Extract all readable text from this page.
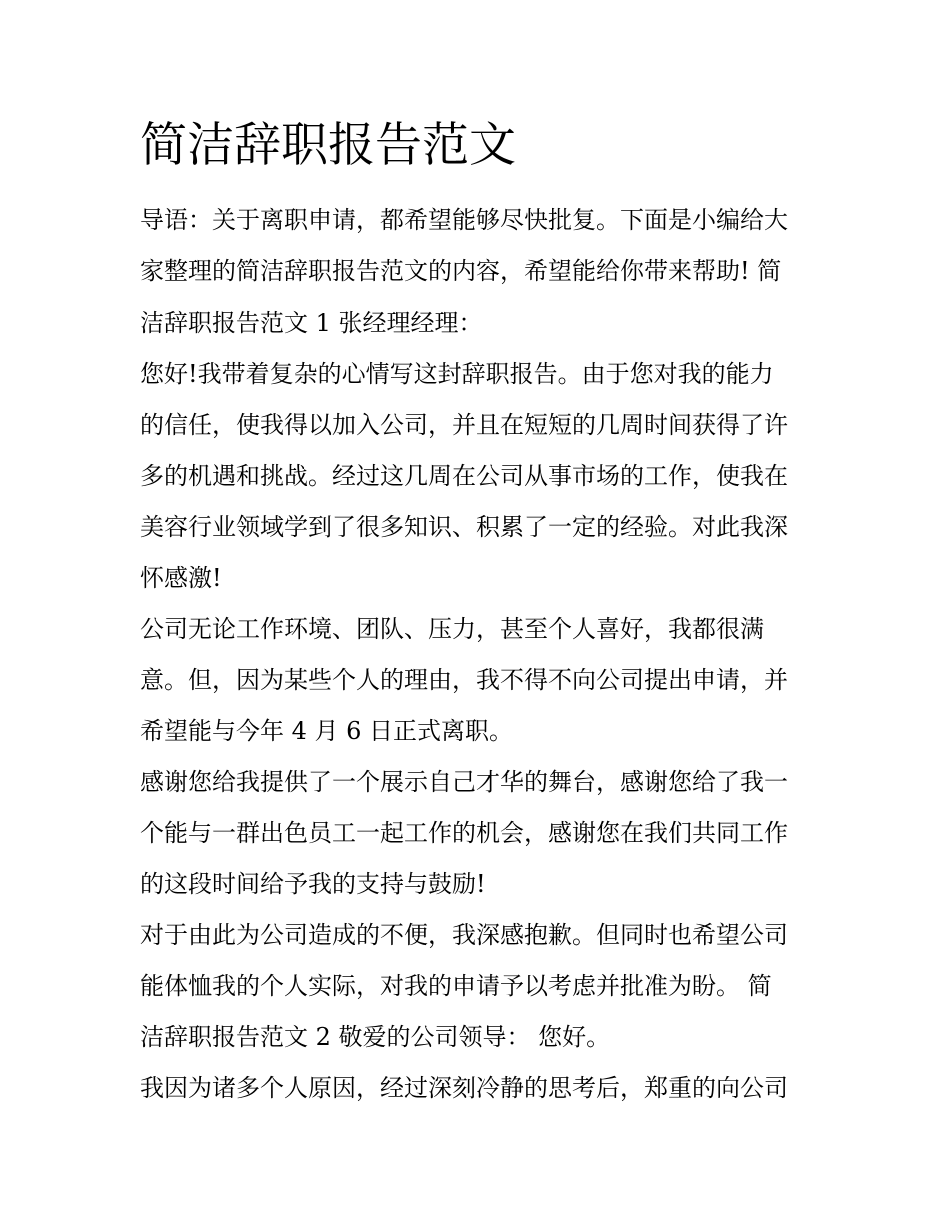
简洁辞职报告范文

导语：关于离职申请，都希望能够尽快批复。下面是小编给大

家整理的简洁辞职报告范文的内容，希望能给你带来帮助! 简

洁辞职报告范文 1 张经理经理：

您好!我带着复杂的心情写这封辞职报告。由于您对我的能力

的信任，使我得以加入公司，并且在短短的几周时间获得了许

多的机遇和挑战。经过这几周在公司从事市场的工作，使我在

美容行业领域学到了很多知识、积累了一定的经验。对此我深

怀感激!

公司无论工作环境、团队、压力，甚至个人喜好，我都很满

意。但，因为某些个人的理由，我不得不向公司提出申请，并

希望能与今年 4 月 6 日正式离职。

感谢您给我提供了一个展示自己才华的舞台，感谢您给了我一

个能与一群出色员工一起工作的机会，感谢您在我们共同工作

的这段时间给予我的支持与鼓励!

对于由此为公司造成的不便，我深感抱歉。但同时也希望公司

能体恤我的个人实际，对我的申请予以考虑并批准为盼。 简

洁辞职报告范文 2 敬爱的公司领导： 您好。

我因为诸多个人原因，经过深刻冷静的思考后，郑重的向公司
